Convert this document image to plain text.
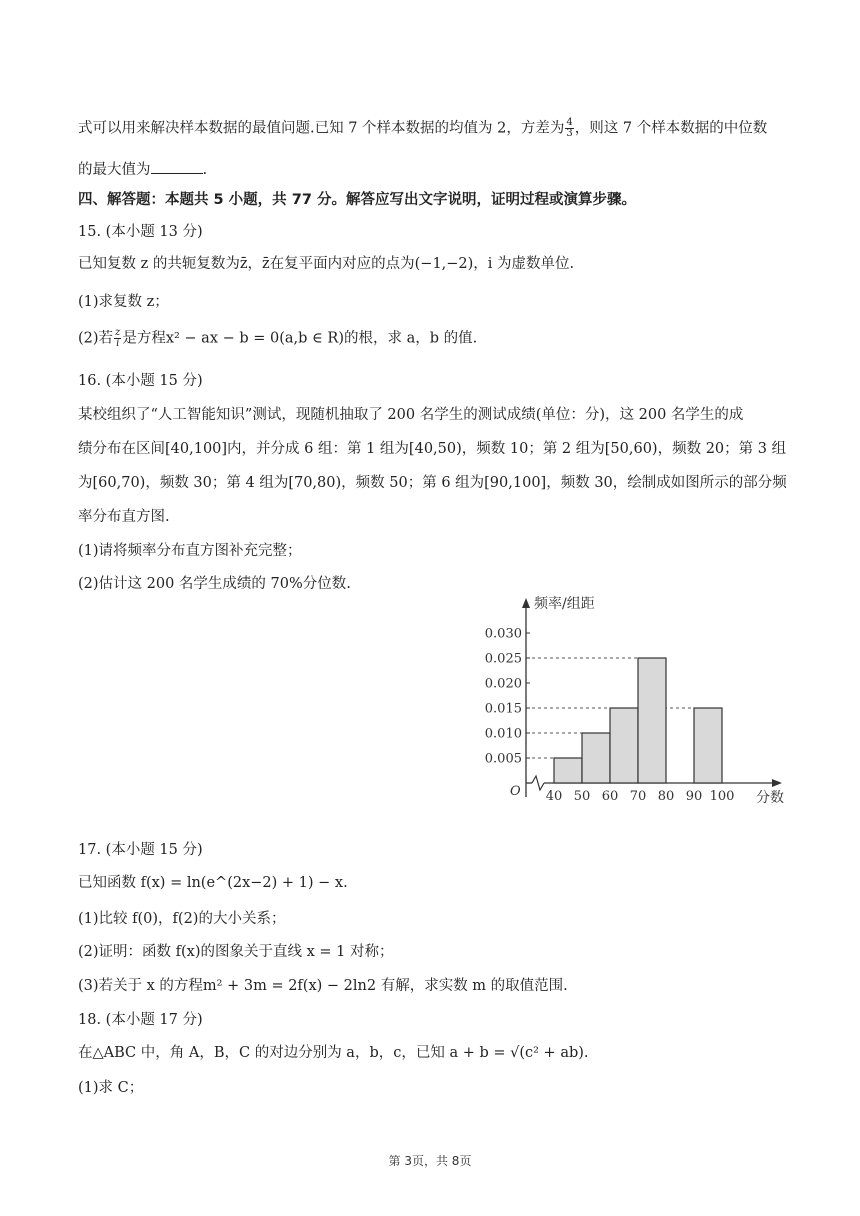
式可以用来解决样本数据的最值问题.已知 7 个样本数据的均值为 2，方差为 $\frac{4}{3}$ ，则这 7 个样本数据的中位数
的最大值为	.
四、解答题：本题共 5 小题，共 77 分。解答应写出文字说明，证明过程或演算步骤。
15. (本小题 13 分)
已知复数 z 的共轭复数为z̄，z̄在复平面内对应的点为(−1,−2)，i 为虚数单位.
(1)求复数 z；
(2)若 $\frac{z}{i}$ 是方程x² − ax − b = 0(a,b ∈ R)的根，求 a，b 的值.
16. (本小题 15 分)
某校组织了“人工智能知识”测试，现随机抽取了 200 名学生的测试成绩(单位：分)，这 200 名学生的成
绩分布在区间[40,100]内，并分成 6 组：第 1 组为[40,50)，频数 10；第 2 组为[50,60)，频数 20；第 3 组
为[60,70)，频数 30；第 4 组为[70,80)，频数 50；第 6 组为[90,100]，频数 30，绘制成如图所示的部分频
率分布直方图.
(1)请将频率分布直方图补充完整；
(2)估计这 200 名学生成绩的 70%分位数.
0.005
0.010
0.015
0.020
0.025
0.030
40 50 60 70 80 90 100
频率/组距
分数
O
17. (本小题 15 分)
已知函数 f(x) = ln(e^(2x−2) + 1) − x.
(1)比较 f(0)，f(2)的大小关系；
(2)证明：函数 f(x)的图象关于直线 x = 1 对称；
(3)若关于 x 的方程m² + 3m = 2f(x) − 2ln2 有解，求实数 m 的取值范围.
18. (本小题 17 分)
在△ABC 中，角 A，B，C 的对边分别为 a，b，c，已知 a + b = √(c² + ab).
(1)求 C；
第 3页，共 8页
